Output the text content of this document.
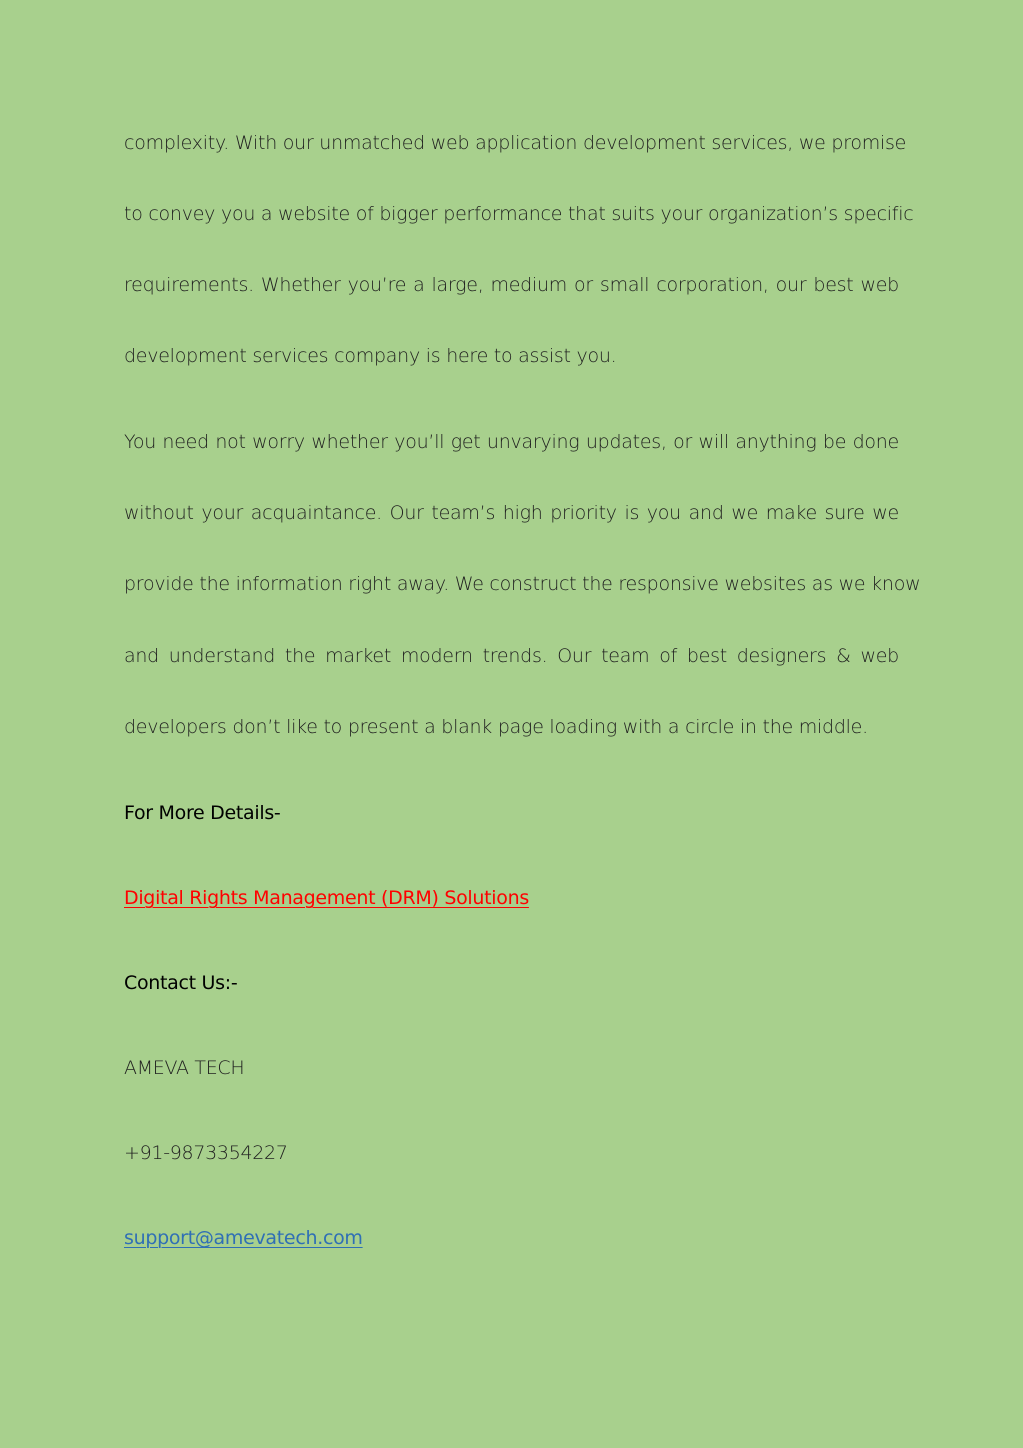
complexity. With our unmatched web application development services, we promise
to convey you a website of bigger performance that suits your organization’s specific
requirements. Whether you’re a large, medium or small corporation, our best web
development services company is here to assist you.
You need not worry whether you’ll get unvarying updates, or will anything be done
without your acquaintance. Our team’s high priority is you and we make sure we
provide the information right away. We construct the responsive websites as we know
and understand the market modern trends. Our team of best designers & web
developers don’t like to present a blank page loading with a circle in the middle.
For More Details-
Digital Rights Management (DRM) Solutions
Contact Us:-
AMEVA TECH
+91-9873354227
support@amevatech.com
